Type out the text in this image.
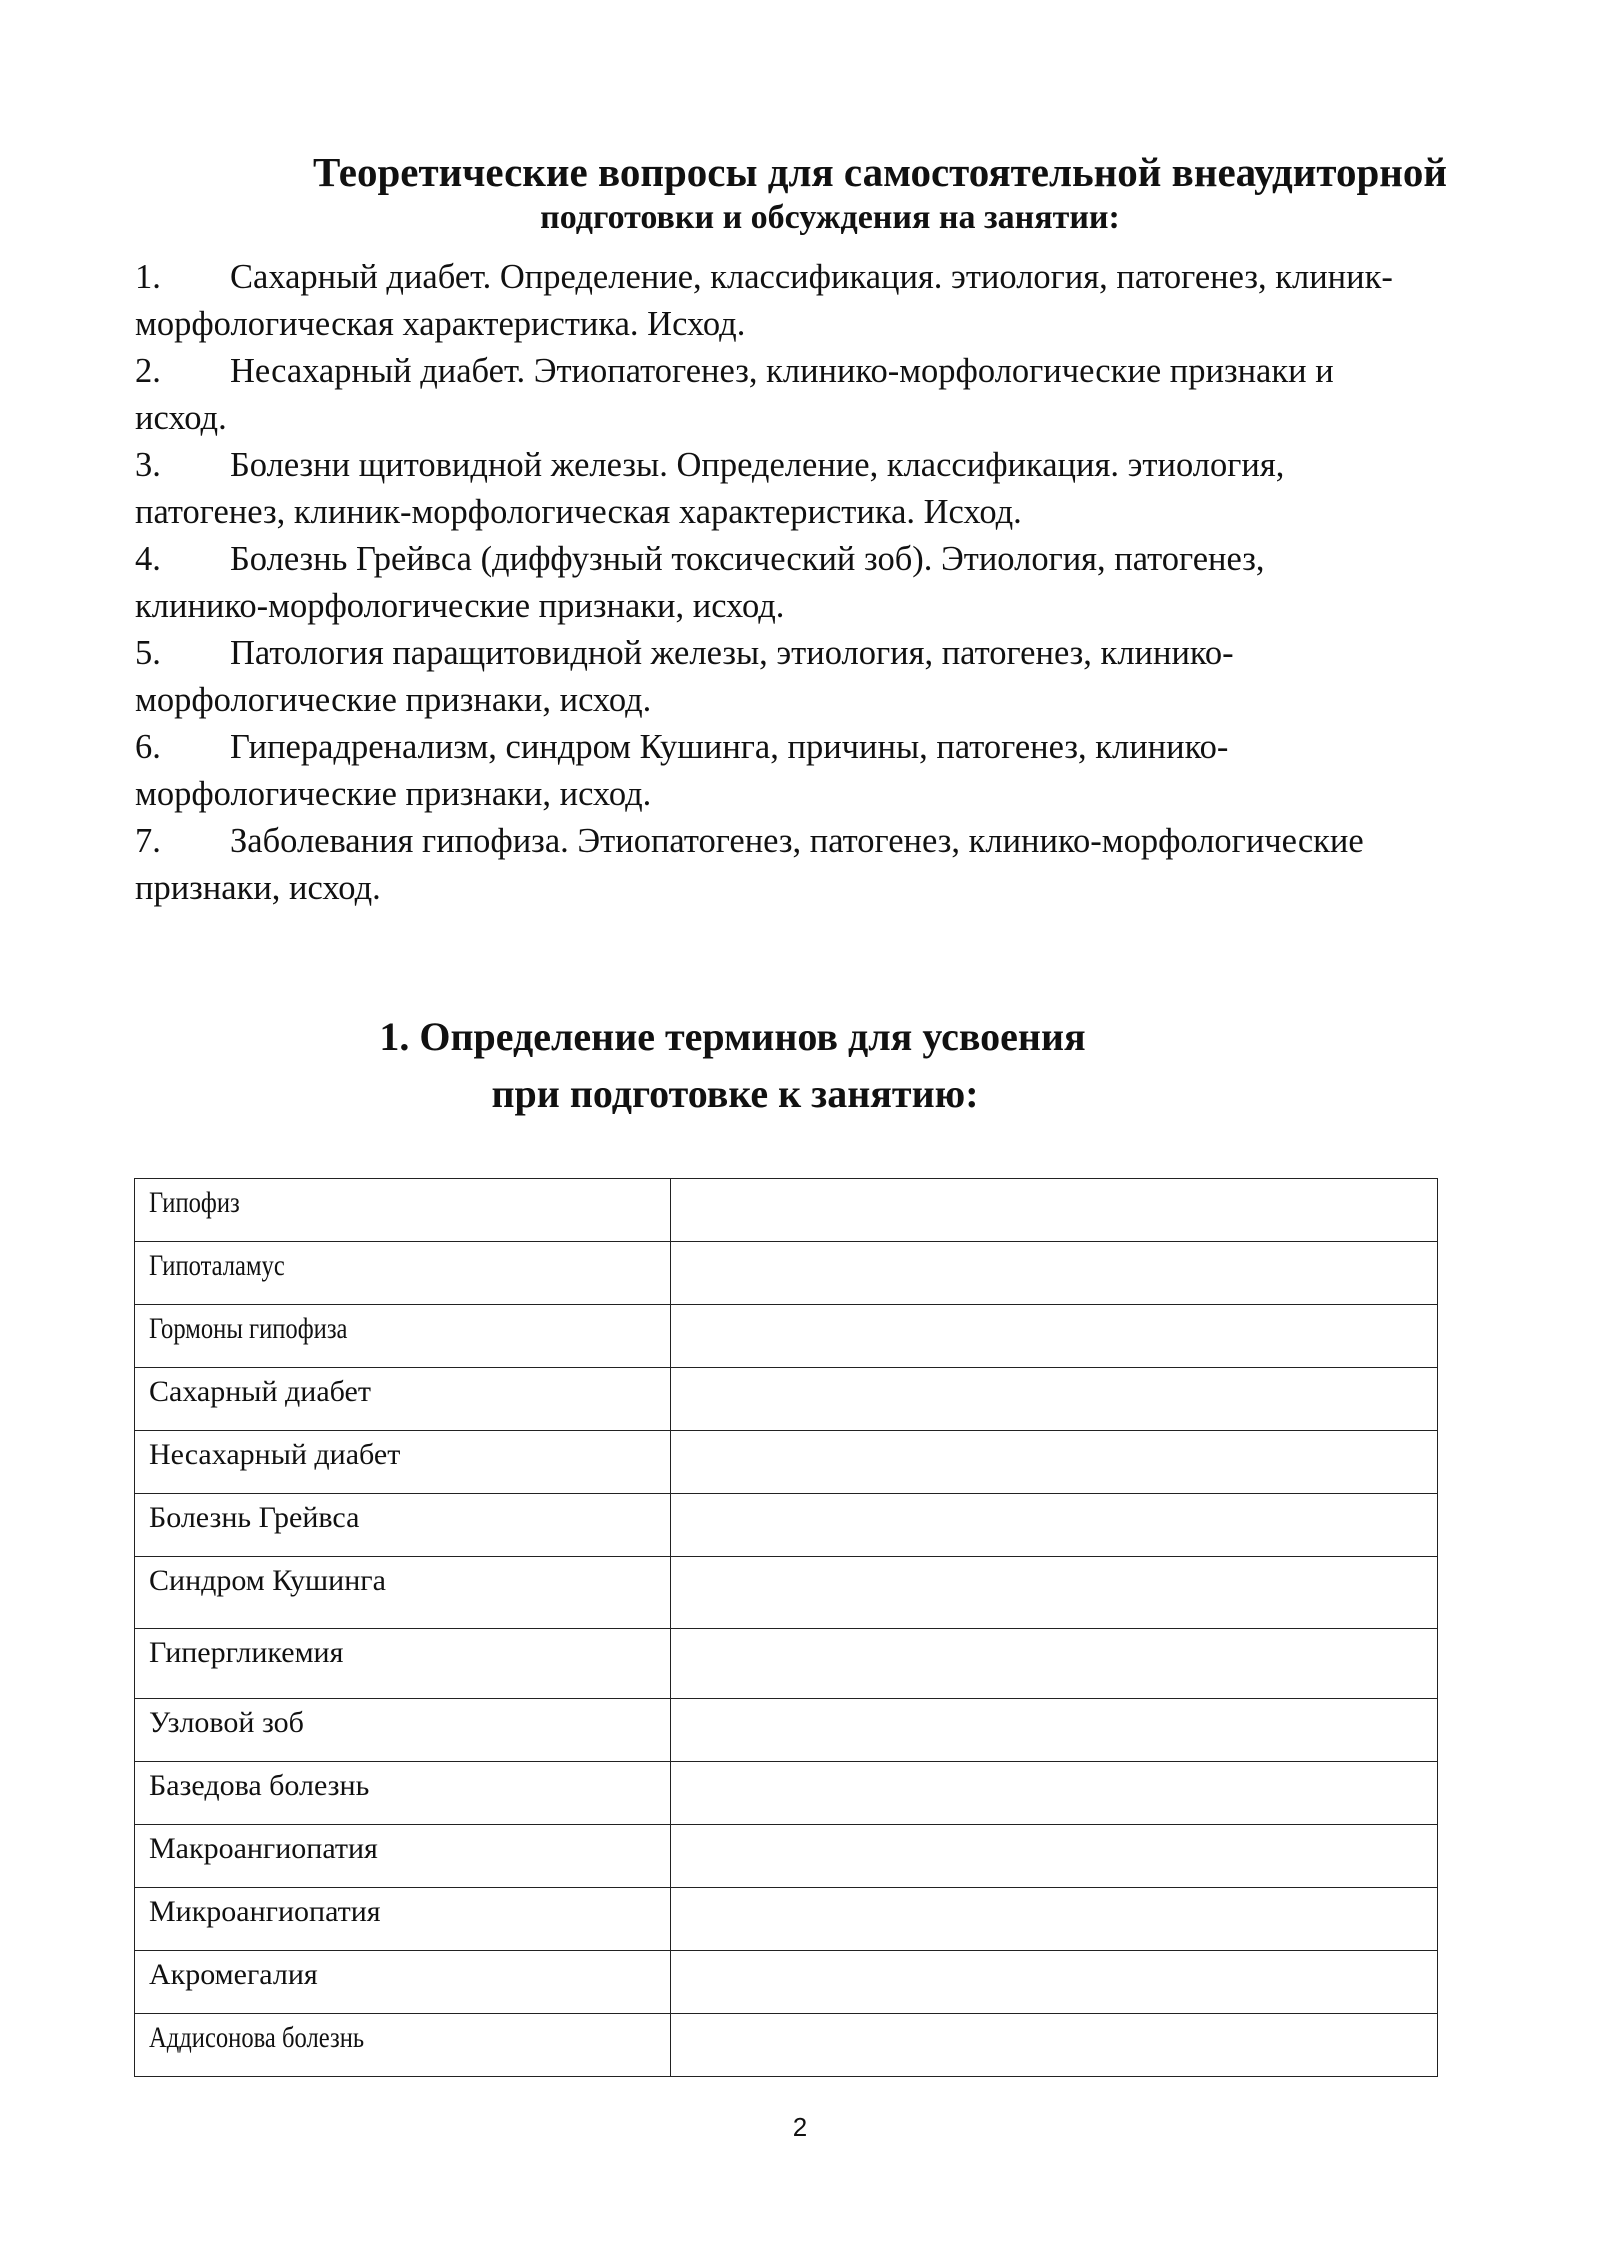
Теоретические вопросы для самостоятельной внеаудиторной
подготовки и обсуждения на занятии:

1. Сахарный диабет. Определение, классификация. этиология, патогенез, клиник-
морфологическая характеристика. Исход.

2. Несахарный диабет. Этиопатогенез, клинико-морфологические признаки и
исход.

3. Болезни щитовидной железы. Определение, классификация. этиология,
патогенез, клиник-морфологическая характеристика. Исход.

4. Болезнь Грейвса (диффузный токсический зоб). Этиология, патогенез,
клинико-морфологические признаки, исход.

5. Патология паращитовидной железы, этиология, патогенез, клинико-
морфологические признаки, исход.

6. Гиперадренализм, синдром Кушинга, причины, патогенез, клинико-
морфологические признаки, исход.

7. Заболевания гипофиза. Этиопатогенез, патогенез, клинико-морфологические
признаки, исход.

1. Определение терминов для усвоения
при подготовке к занятию:
Гипофиз	
Гипоталамус	
Гормоны гипофиза	
Сахарный диабет	
Несахарный диабет	
Болезнь Грейвса	
Синдром Кушинга	
Гипергликемия	
Узловой зоб	
Базедова болезнь	
Макроангиопатия	
Микроангиопатия	
Акромегалия	
Аддисонова болезнь	
2
